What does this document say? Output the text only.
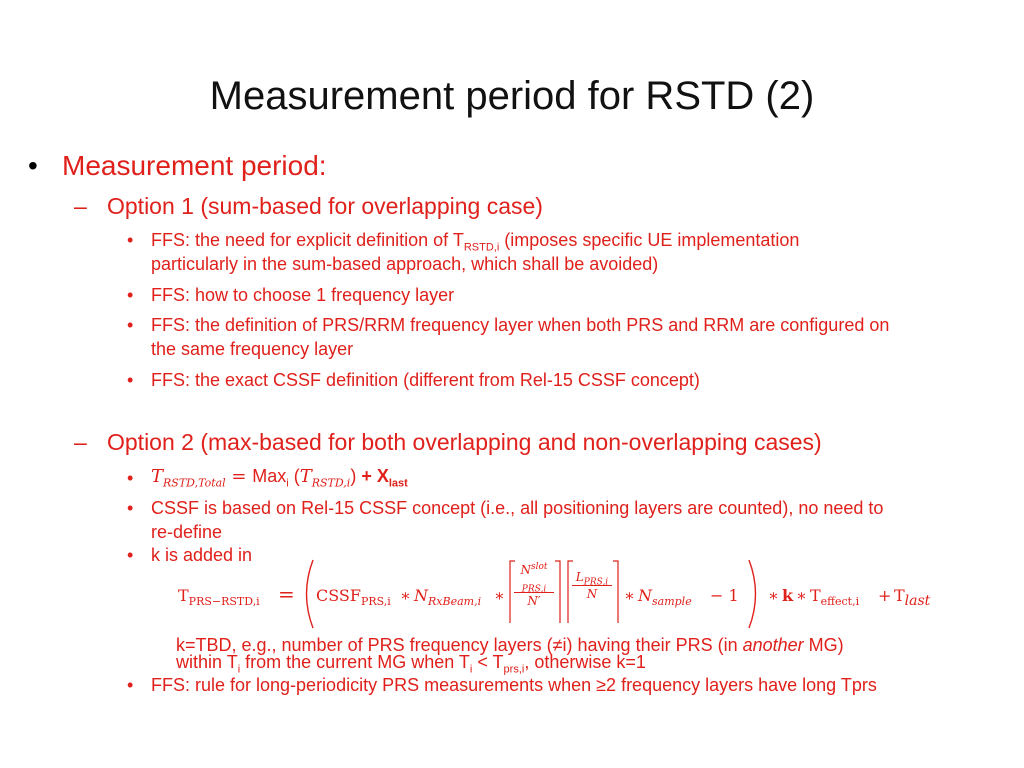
Measurement period for RSTD (2)
• Measurement period:
– Option 1 (sum-based for overlapping case)
• FFS: the need for explicit definition of $T_{RSTD,i}$ (imposes specific UE implementation
particularly in the sum-based approach, which shall be avoided)
• FFS: how to choose 1 frequency layer
• FFS: the definition of PRS/RRM frequency layer when both PRS and RRM are configured on
the same frequency layer
• FFS: the exact CSSF definition (different from Rel-15 CSSF concept)
– Option 2 (max-based for both overlapping and non-overlapping cases)
• $T_{RSTD,Total} = Max_i$ $(T_{RSTD,i}) + X_{last}$
• CSSF is based on Rel-15 CSSF concept (i.e., all positioning layers are counted), no need to
re-define
• k is added in
$T_{PRS-RSTD,i}$ = $CSSF_{PRS,i}$ ∗ $N_{RxBeam,i}$ ∗
$N^{slot}$
$_{PRS,i}$
N′
$L_{PRS,i}$
N	∗ $N_{sample} - 1$ ∗ k ∗ $T_{effect,i} + T_{last}$
k=TBD, e.g., number of PRS frequency layers (≠i) having their PRS (in another MG)
within $T_i$ from the current MG when $T_i < T_{prs,i}$, otherwise k=1
• FFS: rule for long-periodicity PRS measurements when ≥2 frequency layers have long Tprs
